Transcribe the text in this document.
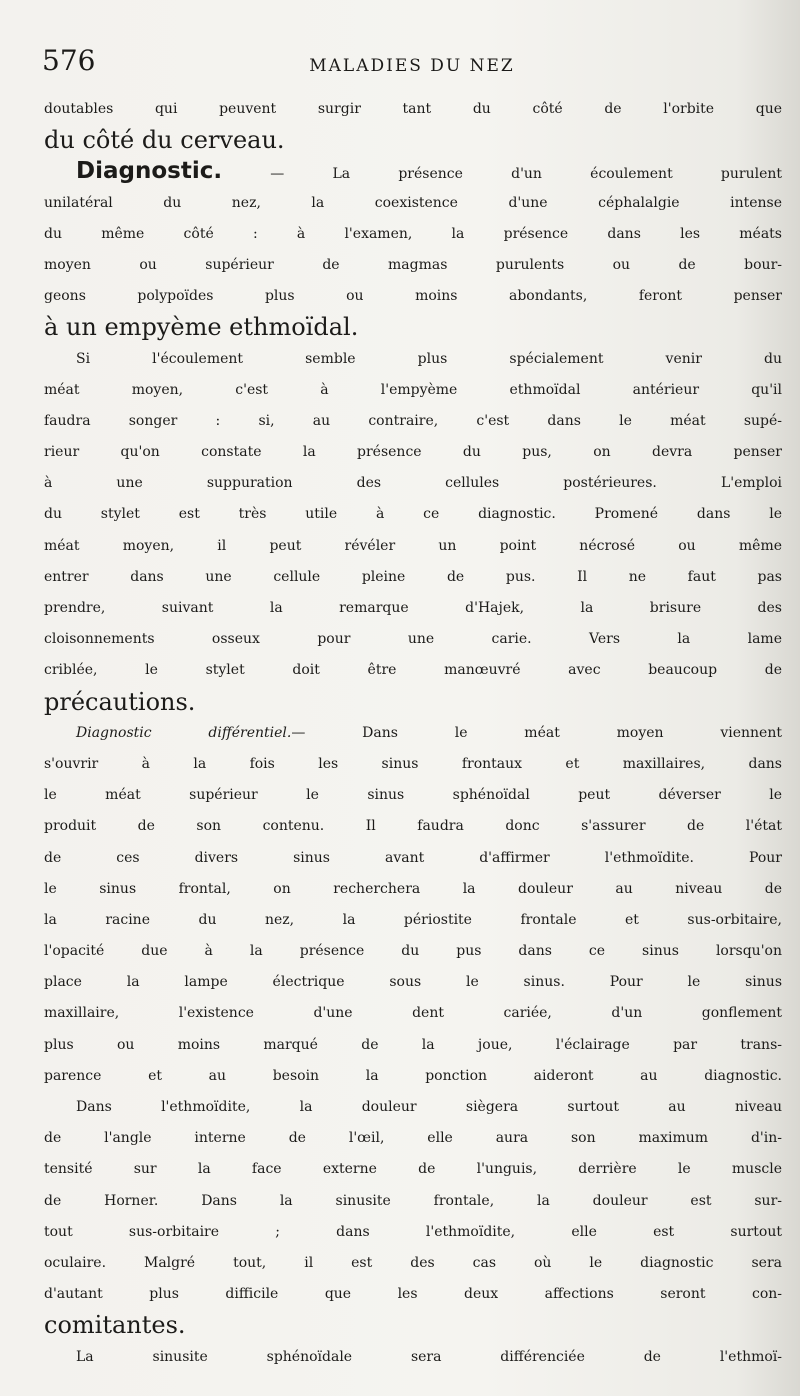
576	MALADIES DU NEZ
doutables qui peuvent surgir tant du côté de l'orbite que
du côté du cerveau.
Diagnostic. — La présence d'un écoulement purulent
unilatéral du nez, la coexistence d'une céphalalgie intense
du même côté : à l'examen, la présence dans les méats
moyen ou supérieur de magmas purulents ou de bour-
geons polypoïdes plus ou moins abondants, feront penser
à un empyème ethmoïdal.
Si l'écoulement semble plus spécialement venir du
méat moyen, c'est à l'empyème ethmoïdal antérieur qu'il
faudra songer : si, au contraire, c'est dans le méat supé-
rieur qu'on constate la présence du pus, on devra penser
à une suppuration des cellules postérieures. L'emploi
du stylet est très utile à ce diagnostic. Promené dans le
méat moyen, il peut révéler un point nécrosé ou même
entrer dans une cellule pleine de pus. Il ne faut pas
prendre, suivant la remarque d'Hajek, la brisure des
cloisonnements osseux pour une carie. Vers la lame
criblée, le stylet doit être manœuvré avec beaucoup de
précautions.
Diagnostic différentiel.— Dans le méat moyen viennent
s'ouvrir à la fois les sinus frontaux et maxillaires, dans
le méat supérieur le sinus sphénoïdal peut déverser le
produit de son contenu. Il faudra donc s'assurer de l'état
de ces divers sinus avant d'affirmer l'ethmoïdite. Pour
le sinus frontal, on recherchera la douleur au niveau de
la racine du nez, la périostite frontale et sus-orbitaire,
l'opacité due à la présence du pus dans ce sinus lorsqu'on
place la lampe électrique sous le sinus. Pour le sinus
maxillaire, l'existence d'une dent cariée, d'un gonflement
plus ou moins marqué de la joue, l'éclairage par trans-
parence et au besoin la ponction aideront au diagnostic.
Dans l'ethmoïdite, la douleur siègera surtout au niveau
de l'angle interne de l'œil, elle aura son maximum d'in-
tensité sur la face externe de l'unguis, derrière le muscle
de Horner. Dans la sinusite frontale, la douleur est sur-
tout sus-orbitaire ; dans l'ethmoïdite, elle est surtout
oculaire. Malgré tout, il est des cas où le diagnostic sera
d'autant plus difficile que les deux affections seront con-
comitantes.
La sinusite sphénoïdale sera différenciée de l'ethmoï-
